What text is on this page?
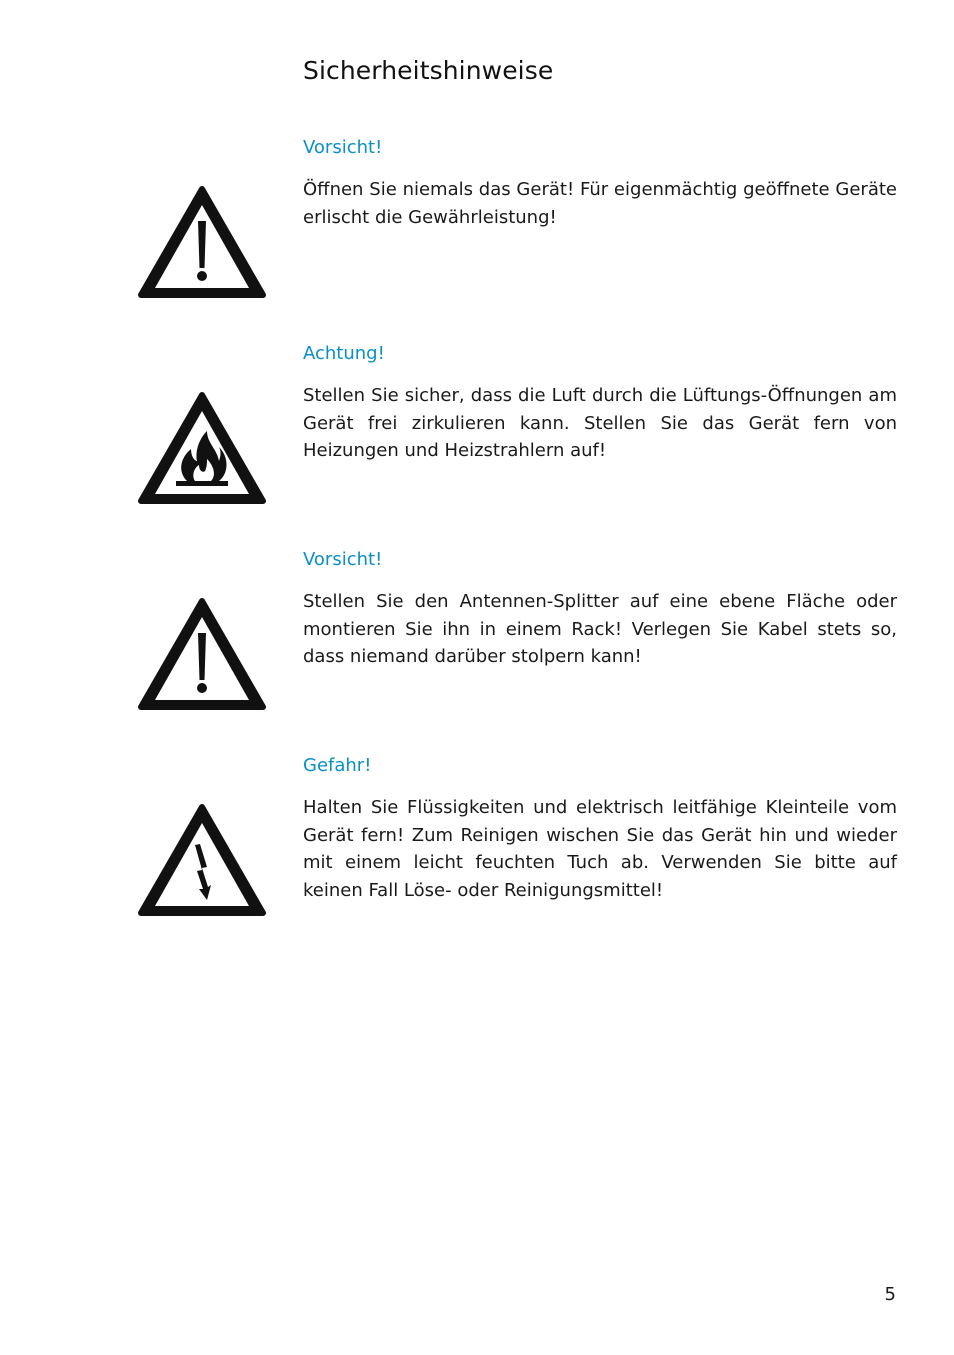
Sicherheitshinweise
Vorsicht!

Öffnen Sie niemals das Gerät! Für eigenmächtig geöffnete Geräte erlischt die Gewährleistung!

Achtung!

Stellen Sie sicher, dass die Luft durch die Lüftungs-Öffnungen am Gerät frei zirkulieren kann. Stellen Sie das Gerät fern von Heizungen und Heizstrahlern auf!

Vorsicht!

Stellen Sie den Antennen-Splitter auf eine ebene Fläche oder montieren Sie ihn in einem Rack! Verlegen Sie Kabel stets so, dass niemand darüber stolpern kann!

Gefahr!

Halten Sie Flüssigkeiten und elektrisch leitfähige Kleinteile vom Gerät fern! Zum Reinigen wischen Sie das Gerät hin und wieder mit einem leicht feuchten Tuch ab. Verwenden Sie bitte auf keinen Fall Löse- oder Reinigungsmittel!

5
